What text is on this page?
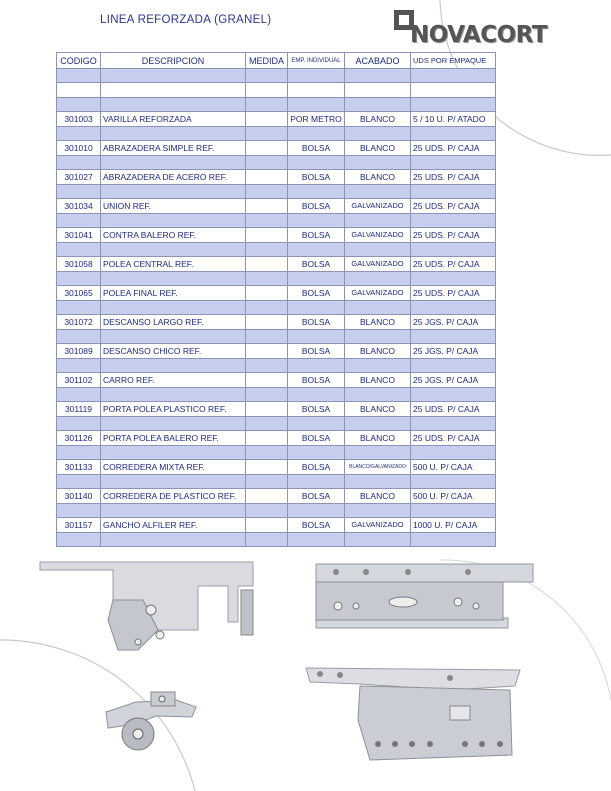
LINEA REFORZADA (GRANEL)
NOVACORT
CODIGO	DESCRIPCION	MEDIDA	EMP. INDIVIDUAL	ACABADO	UDS POR EMPAQUE

301003	VARILLA REFORZADA		POR METRO	BLANCO	5 / 10 U. P/ ATADO

301010	ABRAZADERA SIMPLE REF.		BOLSA	BLANCO	25 UDS. P/ CAJA

301027	ABRAZADERA DE ACERO REF.		BOLSA	BLANCO	25 UDS. P/ CAJA

301034	UNION REF.		BOLSA	GALVANIZADO	25 UDS. P/ CAJA

301041	CONTRA BALERO REF.		BOLSA	GALVANIZADO	25 UDS. P/ CAJA

301058	POLEA CENTRAL REF.		BOLSA	GALVANIZADO	25 UDS. P/ CAJA

301065	POLEA FINAL REF.		BOLSA	GALVANIZADO	25 UDS. P/ CAJA

301072	DESCANSO LARGO REF.		BOLSA	BLANCO	25 JGS. P/ CAJA

301089	DESCANSO CHICO REF.		BOLSA	BLANCO	25 JGS. P/ CAJA

301102	CARRO REF.		BOLSA	BLANCO	25 JGS. P/ CAJA

301119	PORTA POLEA PLASTICO REF.		BOLSA	BLANCO	25 UDS. P/ CAJA

301126	PORTA POLEA BALERO REF.		BOLSA	BLANCO	25 UDS. P/ CAJA

301133	CORREDERA MIXTA REF.		BOLSA	BLANCO/GALVANIZADO	500 U. P/ CAJA

301140	CORREDERA DE PLASTICO REF.		BOLSA	BLANCO	500 U. P/ CAJA

301157	GANCHO ALFILER REF.		BOLSA	GALVANIZADO	1000 U. P/ CAJA
